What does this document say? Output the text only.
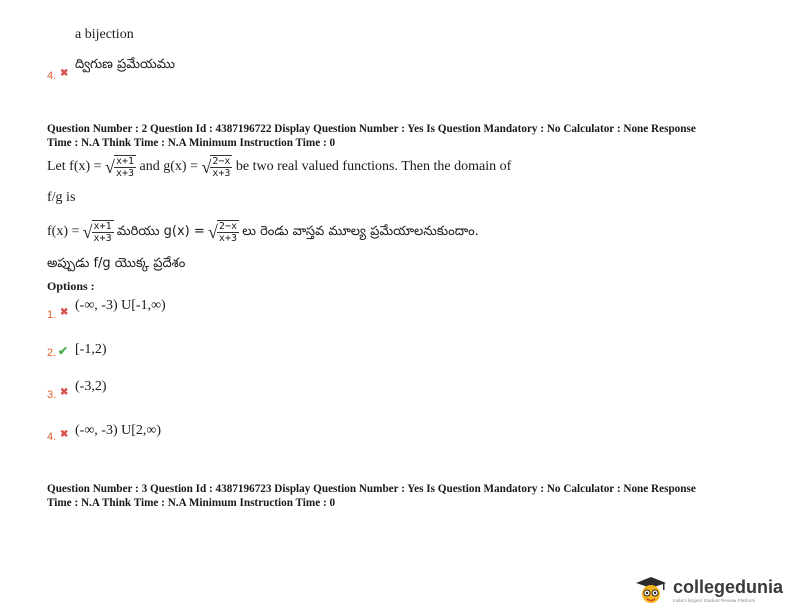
a bijection
4. ✖
ద్విగుణ ప్రమేయము
Question Number : 2 Question Id : 4387196722 Display Question Number : Yes Is Question Mandatory : No Calculator : None Response
Time : N.A Think Time : N.A Minimum Instruction Time : 0
Let f(x) = √ $\frac{x+1}{x+3}$ and g(x) = √ $\frac{2-x}{x+3}$ be two real valued functions. Then the domain of
f/g is
f(x) = √ $\frac{x+1}{x+3}$ మరియు g(x) = √ $\frac{2-x}{x+3}$ లు రెండు వాస్తవ మూల్య ప్రమేయాలనుకుందాం.
అప్పుడు f/g యొక్క ప్రదేశం
Options :
1. ✖ (-∞, -3) U[-1,∞)
2. ✔ [-1,2)
3. ✖ (-3,2)
4. ✖ (-∞, -3) U[2,∞)
Question Number : 3 Question Id : 4387196723 Display Question Number : Yes Is Question Mandatory : No Calculator : None Response
Time : N.A Think Time : N.A Minimum Instruction Time : 0
collegedunia
India's largest Student Review Platform
